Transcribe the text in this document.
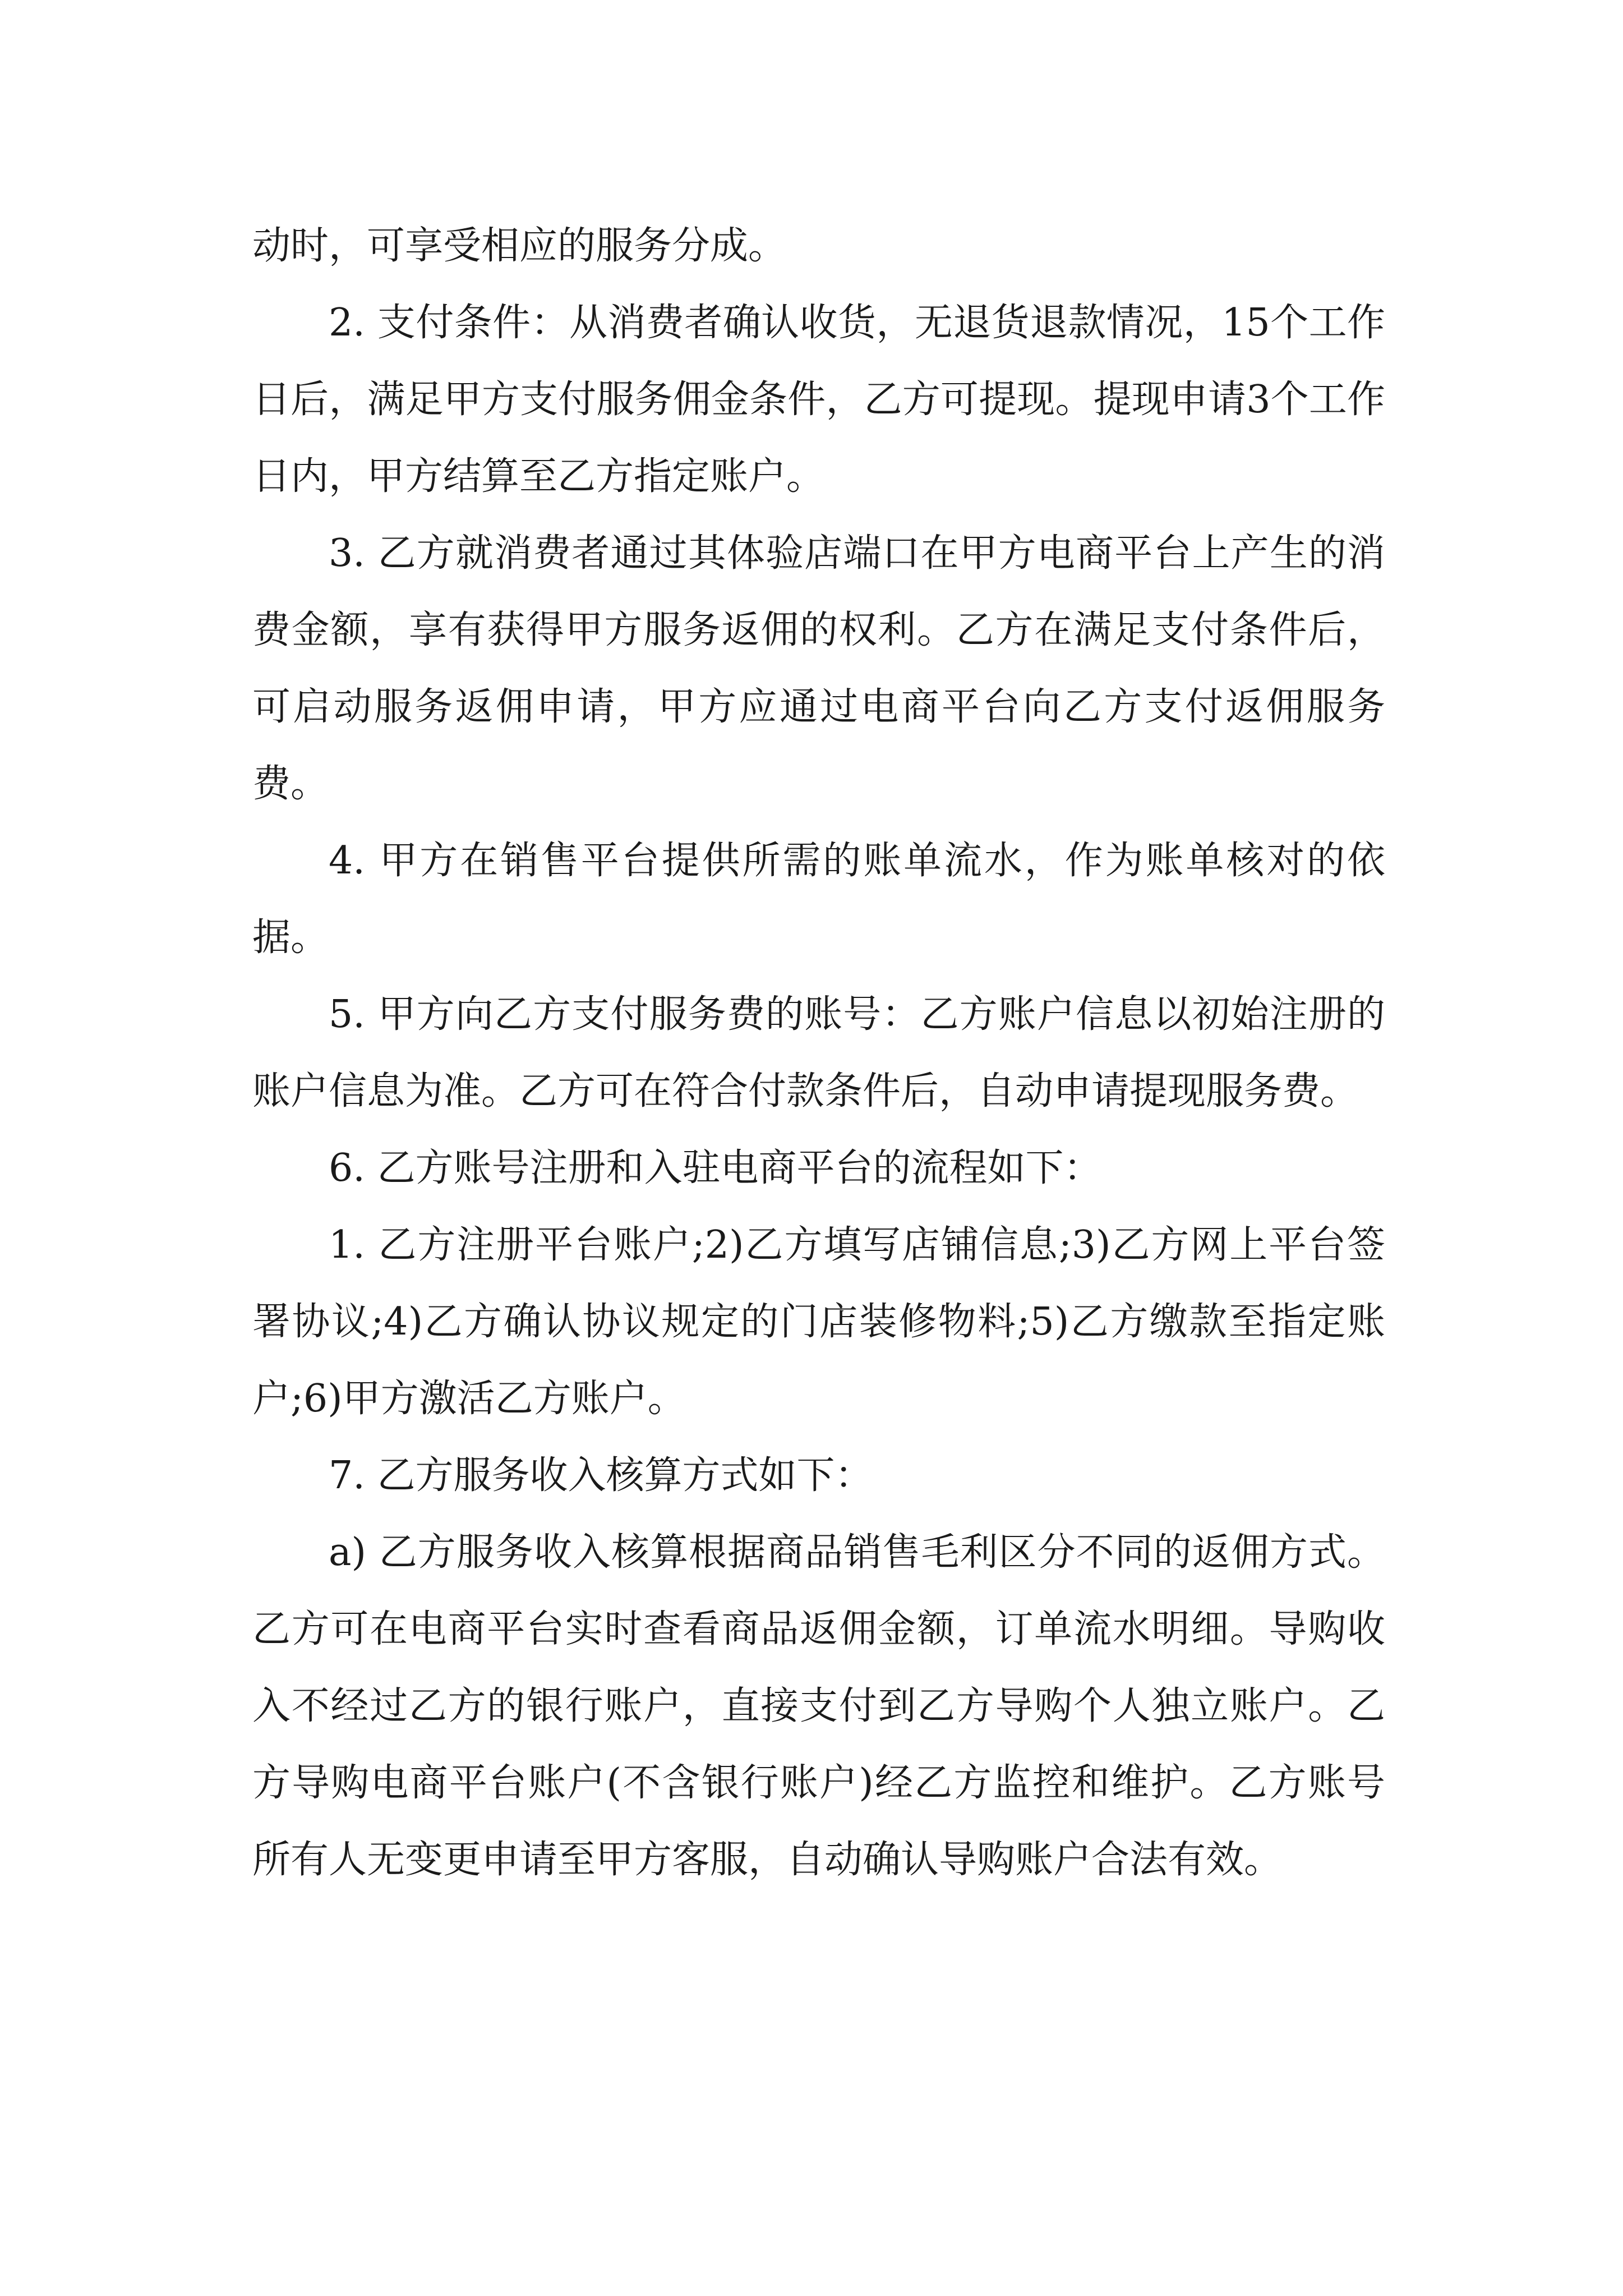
动时，可享受相应的服务分成。

2. 支付条件：从消费者确认收货，无退货退款情况，15个工作日后，满足甲方支付服务佣金条件，乙方可提现。提现申请3个工作日内，甲方结算至乙方指定账户。

3. 乙方就消费者通过其体验店端口在甲方电商平台上产生的消费金额，享有获得甲方服务返佣的权利。乙方在满足支付条件后，可启动服务返佣申请，甲方应通过电商平台向乙方支付返佣服务费。

4. 甲方在销售平台提供所需的账单流水，作为账单核对的依据。

5. 甲方向乙方支付服务费的账号：乙方账户信息以初始注册的账户信息为准。乙方可在符合付款条件后，自动申请提现服务费。

6. 乙方账号注册和入驻电商平台的流程如下：

1. 乙方注册平台账户;2)乙方填写店铺信息;3)乙方网上平台签署协议;4)乙方确认协议规定的门店装修物料;5)乙方缴款至指定账户;6)甲方激活乙方账户。

7. 乙方服务收入核算方式如下：

a) 乙方服务收入核算根据商品销售毛利区分不同的返佣方式。乙方可在电商平台实时查看商品返佣金额，订单流水明细。导购收入不经过乙方的银行账户，直接支付到乙方导购个人独立账户。乙方导购电商平台账户(不含银行账户)经乙方监控和维护。乙方账号所有人无变更申请至甲方客服，自动确认导购账户合法有效。
